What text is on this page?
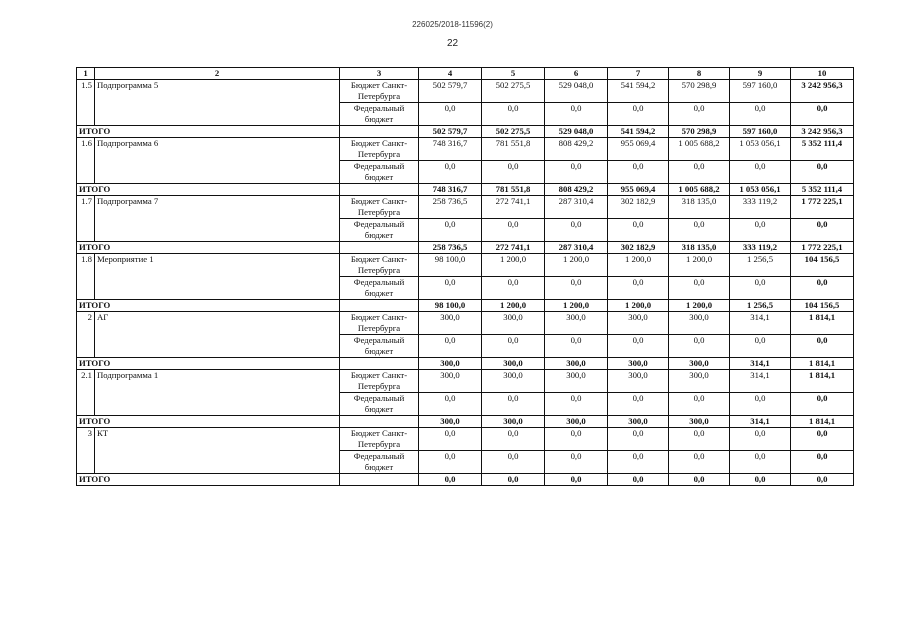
226025/2018-11596(2)
22
1	2	3	4	5	6	7	8	9	10
1.5	Подпрограмма 5	Бюджет Санкт-Петербурга	502 579,7	502 275,5	529 048,0	541 594,2	570 298,9	597 160,0	3 242 956,3
		Федеральный бюджет	0,0	0,0	0,0	0,0	0,0	0,0	0,0
ИТОГО			502 579,7	502 275,5	529 048,0	541 594,2	570 298,9	597 160,0	3 242 956,3
1.6	Подпрограмма 6	Бюджет Санкт-Петербурга	748 316,7	781 551,8	808 429,2	955 069,4	1 005 688,2	1 053 056,1	5 352 111,4
		Федеральный бюджет	0,0	0,0	0,0	0,0	0,0	0,0	0,0
ИТОГО			748 316,7	781 551,8	808 429,2	955 069,4	1 005 688,2	1 053 056,1	5 352 111,4
1.7	Подпрограмма 7	Бюджет Санкт-Петербурга	258 736,5	272 741,1	287 310,4	302 182,9	318 135,0	333 119,2	1 772 225,1
		Федеральный бюджет	0,0	0,0	0,0	0,0	0,0	0,0	0,0
ИТОГО			258 736,5	272 741,1	287 310,4	302 182,9	318 135,0	333 119,2	1 772 225,1
1.8	Мероприятие 1	Бюджет Санкт-Петербурга	98 100,0	1 200,0	1 200,0	1 200,0	1 200,0	1 256,5	104 156,5
		Федеральный бюджет	0,0	0,0	0,0	0,0	0,0	0,0	0,0
ИТОГО			98 100,0	1 200,0	1 200,0	1 200,0	1 200,0	1 256,5	104 156,5
2	АГ	Бюджет Санкт-Петербурга	300,0	300,0	300,0	300,0	300,0	314,1	1 814,1
		Федеральный бюджет	0,0	0,0	0,0	0,0	0,0	0,0	0,0
ИТОГО			300,0	300,0	300,0	300,0	300,0	314,1	1 814,1
2.1	Подпрограмма 1	Бюджет Санкт-Петербурга	300,0	300,0	300,0	300,0	300,0	314,1	1 814,1
		Федеральный бюджет	0,0	0,0	0,0	0,0	0,0	0,0	0,0
ИТОГО			300,0	300,0	300,0	300,0	300,0	314,1	1 814,1
3	КТ	Бюджет Санкт-Петербурга	0,0	0,0	0,0	0,0	0,0	0,0	0,0
		Федеральный бюджет	0,0	0,0	0,0	0,0	0,0	0,0	0,0
ИТОГО			0,0	0,0	0,0	0,0	0,0	0,0	0,0
